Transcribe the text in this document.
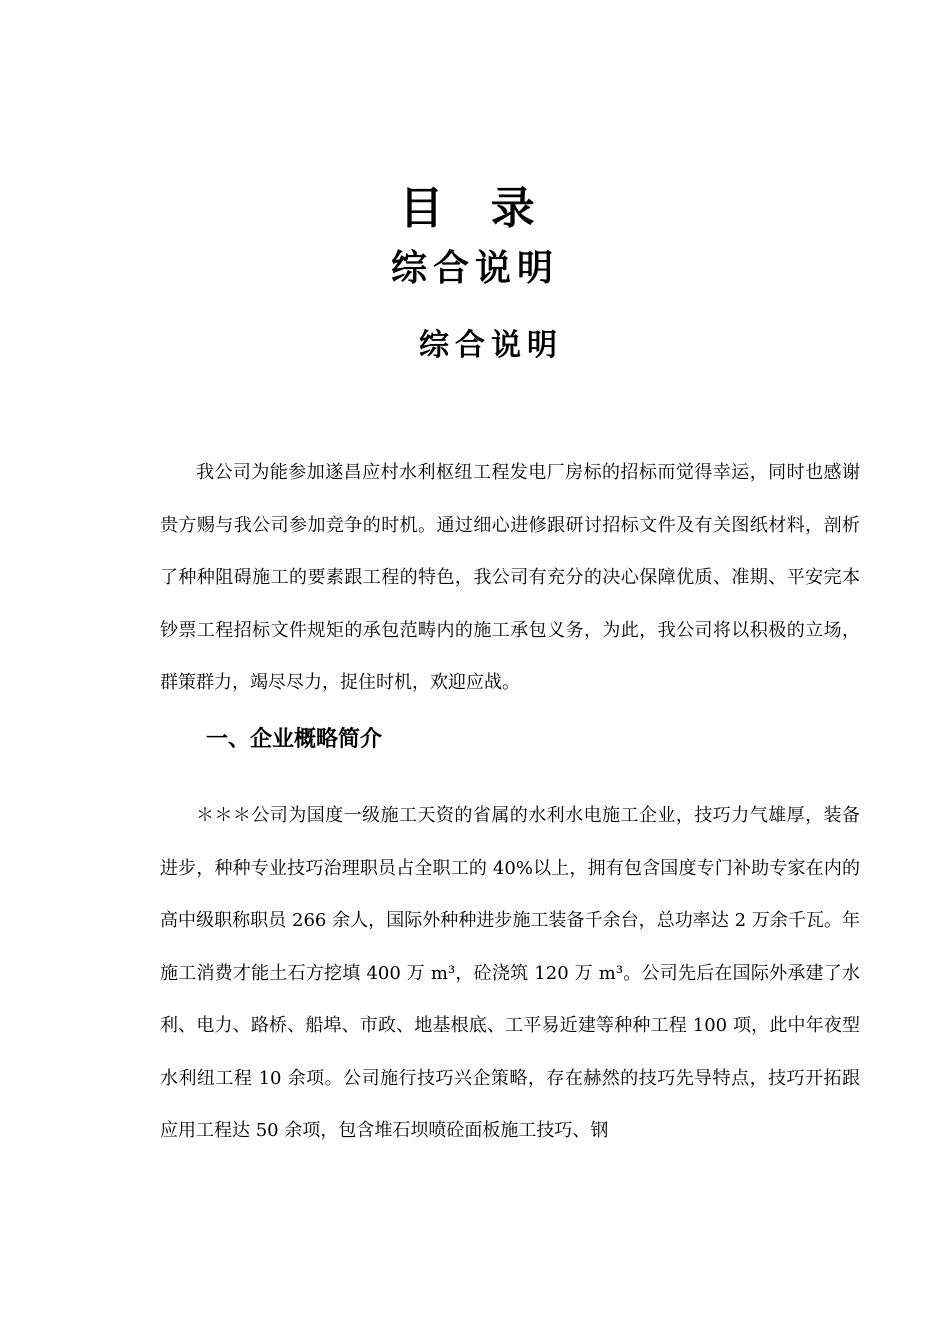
目 录
综合说明
综合说明

我公司为能参加遂昌应村水利枢纽工程发电厂房标的招标而觉得幸运，同时也感谢贵方赐与我公司参加竞争的时机。通过细心进修跟研讨招标文件及有关图纸材料，剖析了种种阻碍施工的要素跟工程的特色，我公司有充分的决心保障优质、准期、平安完本钞票工程招标文件规矩的承包范畴内的施工承包义务，为此，我公司将以积极的立场，群策群力，竭尽尽力，捉住时机，欢迎应战。

一、企业概略简介

＊＊＊公司为国度一级施工天资的省属的水利水电施工企业，技巧力气雄厚，装备进步，种种专业技巧治理职员占全职工的 40%以上，拥有包含国度专门补助专家在内的高中级职称职员 266 余人，国际外种种进步施工装备千余台，总功率达 2 万余千瓦。年施工消费才能土石方挖填 400 万 m³，砼浇筑 120 万 m³。公司先后在国际外承建了水利、电力、路桥、船埠、市政、地基根底、工平易近建等种种工程 100 项，此中年夜型水利纽工程 10 余项。公司施行技巧兴企策略，存在赫然的技巧先导特点，技巧开拓跟应用工程达 50 余项，包含堆石坝喷砼面板施工技巧、钢
